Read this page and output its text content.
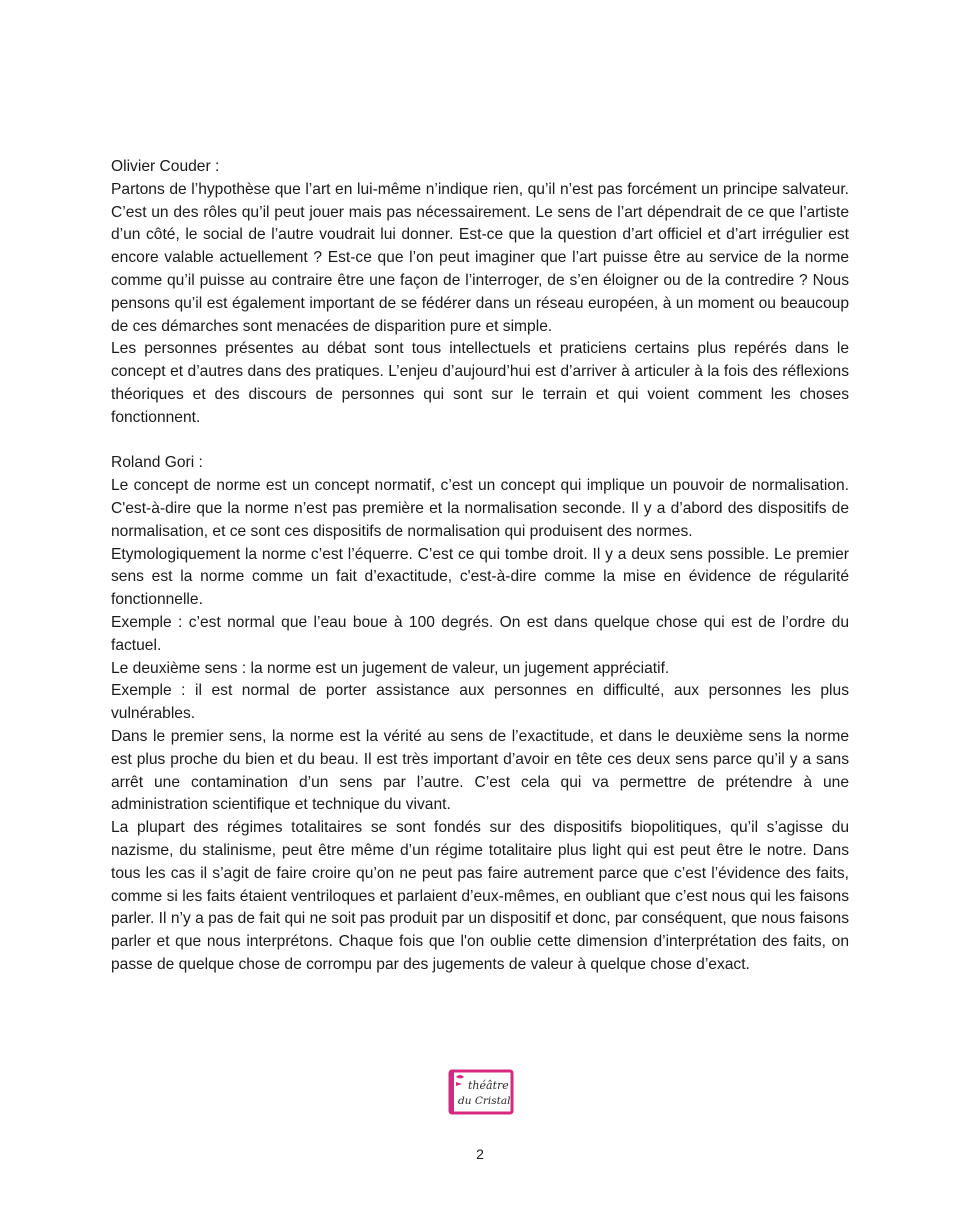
Olivier Couder :

Partons de l’hypothèse que l’art en lui-même n’indique rien, qu’il n’est pas forcément un principe salvateur. C’est un des rôles qu’il peut jouer mais pas nécessairement. Le sens de l’art dépendrait de ce que l’artiste d’un côté, le social de l’autre voudrait lui donner. Est-ce que la question d’art officiel et d’art irrégulier est encore valable actuellement ? Est-ce que l’on peut imaginer que l’art puisse être au service de la norme comme qu’il puisse au contraire être une façon de l’interroger, de s’en éloigner ou de la contredire ? Nous pensons qu’il est également important de se fédérer dans un réseau européen, à un moment ou beaucoup de ces démarches sont menacées de disparition pure et simple.

Les personnes présentes au débat sont tous intellectuels et praticiens certains plus repérés dans le concept et d’autres dans des pratiques. L’enjeu d’aujourd’hui est d’arriver à articuler à la fois des réflexions théoriques et des discours de personnes qui sont sur le terrain et qui voient comment les choses fonctionnent.

Roland Gori :

Le concept de norme est un concept normatif, c’est un concept qui implique un pouvoir de normalisation. C'est-à-dire que la norme n’est pas première et la normalisation seconde. Il y a d’abord des dispositifs de normalisation, et ce sont ces dispositifs de normalisation qui produisent des normes.

Etymologiquement la norme c’est l’équerre. C’est ce qui tombe droit. Il y a deux sens possible. Le premier sens est la norme comme un fait d’exactitude, c'est-à-dire comme la mise en évidence de régularité fonctionnelle.

Exemple : c’est normal que l’eau boue à 100 degrés. On est dans quelque chose qui est de l’ordre du factuel.

Le deuxième sens : la norme est un jugement de valeur, un jugement appréciatif.

Exemple : il est normal de porter assistance aux personnes en difficulté, aux personnes les plus vulnérables.

Dans le premier sens, la norme est la vérité au sens de l’exactitude, et dans le deuxième sens la norme est plus proche du bien et du beau. Il est très important d’avoir en tête ces deux sens parce qu’il y a sans arrêt une contamination d’un sens par l’autre. C’est cela qui va permettre de prétendre à une administration scientifique et technique du vivant.

La plupart des régimes totalitaires se sont fondés sur des dispositifs biopolitiques, qu’il s’agisse du nazisme, du stalinisme, peut être même d’un régime totalitaire plus light qui est peut être le notre. Dans tous les cas il s’agit de faire croire qu’on ne peut pas faire autrement parce que c’est l’évidence des faits, comme si les faits étaient ventriloques et parlaient d’eux-mêmes, en oubliant que c’est nous qui les faisons parler. Il n’y a pas de fait qui ne soit pas produit par un dispositif et donc, par conséquent, que nous faisons parler et que nous interprétons. Chaque fois que l'on oublie cette dimension d’interprétation des faits, on passe de quelque chose de corrompu par des jugements de valeur à quelque chose d’exact.

théâtre
du Cristal
2
